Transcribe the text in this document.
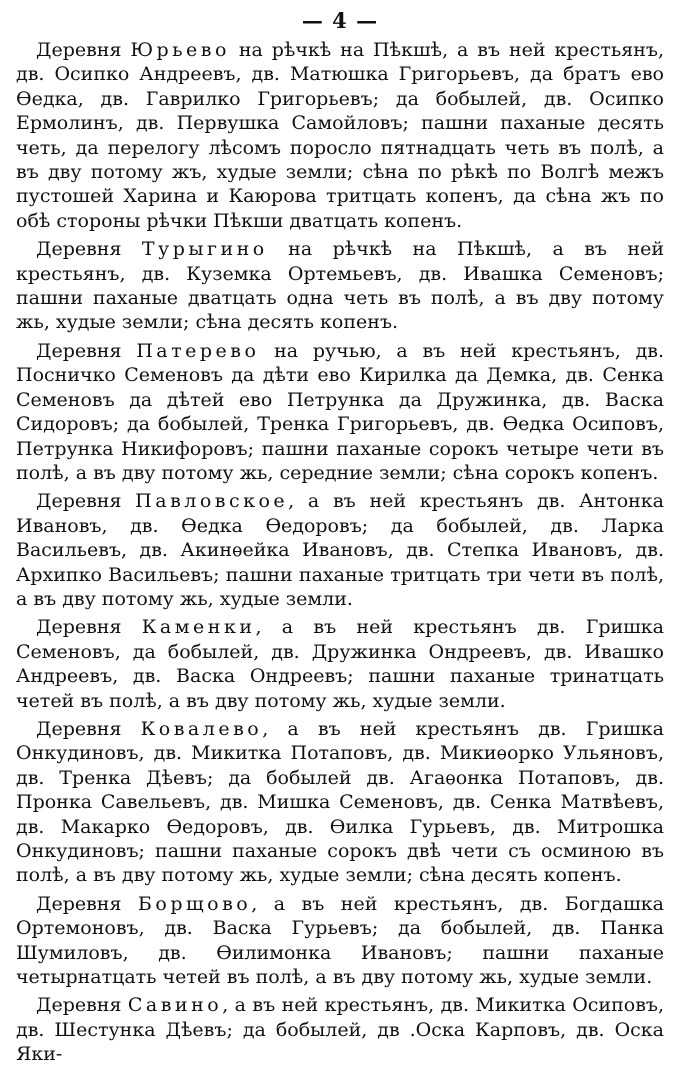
— 4 —

Деревня Юрьево на рѣчкѣ на Пѣкшѣ, а въ ней крестьянъ, дв. Осипко Андреевъ, дв. Матюшка Григорьевъ, да братъ ево Ѳедка, дв. Гаврилко Григорьевъ; да бобылей, дв. Осипко Ермолинъ, дв. Первушка Самойловъ; пашни паханые десять четь, да перелогу лѣсомъ поросло пятнадцать четь въ полѣ, а въ дву потому жъ, худые земли; сѣна по рѣкѣ по Волгѣ межъ пустошей Харина и Каюрова тритцать копенъ, да сѣна жъ по обѣ стороны рѣчки Пѣкши дватцать копенъ.

Деревня Турыгино на рѣчкѣ на Пѣкшѣ, а въ ней крестьянъ, дв. Куземка Ортемьевъ, дв. Ивашка Семеновъ; пашни паханые дватцать одна четь въ полѣ, а въ дву потому жь, худые земли; сѣна десять копенъ.

Деревня Патерево на ручью, а въ ней крестьянъ, дв. Посничко Семеновъ да дѣти ево Кирилка да Демка, дв. Сенка Семеновъ да дѣтей ево Петрунка да Дружинка, дв. Васка Сидоровъ; да бобылей, Тренка Григорьевъ, дв. Ѳедка Осиповъ, Петрунка Никифоровъ; пашни паханые сорокъ четыре чети въ полѣ, а въ дву потому жь, середние земли; сѣна сорокъ копенъ.

Деревня Павловское, а въ ней крестьянъ дв. Антонка Ивановъ, дв. Ѳедка Ѳедоровъ; да бобылей, дв. Ларка Васильевъ, дв. Акинѳейка Ивановъ, дв. Степка Ивановъ, дв. Архипко Васильевъ; пашни паханые тритцать три чети въ полѣ, а въ дву потому жь, худые земли.

Деревня Каменки, а въ ней крестьянъ дв. Гришка Семеновъ, да бобылей, дв. Дружинка Ондреевъ, дв. Ивашко Андреевъ, дв. Васка Ондреевъ; пашни паханые тринатцать четей въ полѣ, а въ дву потому жь, худые земли.

Деревня Ковалево, а въ ней крестьянъ дв. Гришка Онкудиновъ, дв. Микитка Потаповъ, дв. Микиѳорко Ульяновъ, дв. Тренка Дѣевъ; да бобылей дв. Агаѳонка Потаповъ, дв. Пронка Савельевъ, дв. Мишка Семеновъ, дв. Сенка Матвѣевъ, дв. Макарко Ѳедоровъ, дв. Ѳилка Гурьевъ, дв. Митрошка Онкудиновъ; пашни паханые сорокъ двѣ чети съ осминою въ полѣ, а въ дву потому жь, худые земли; сѣна десять копенъ.

Деревня Борщово, а въ ней крестьянъ, дв. Богдашка Ортемоновъ, дв. Васка Гурьевъ; да бобылей, дв. Панка Шумиловъ, дв. Ѳилимонка Ивановъ; пашни паханые четырнатцать четей въ полѣ, а въ дву потому жь, худые земли.

Деревня Савино, а въ ней крестьянъ, дв. Микитка Осиповъ, дв. Шестунка Дѣевъ; да бобылей, дв .Оска Карповъ, дв. Оска Яки-
